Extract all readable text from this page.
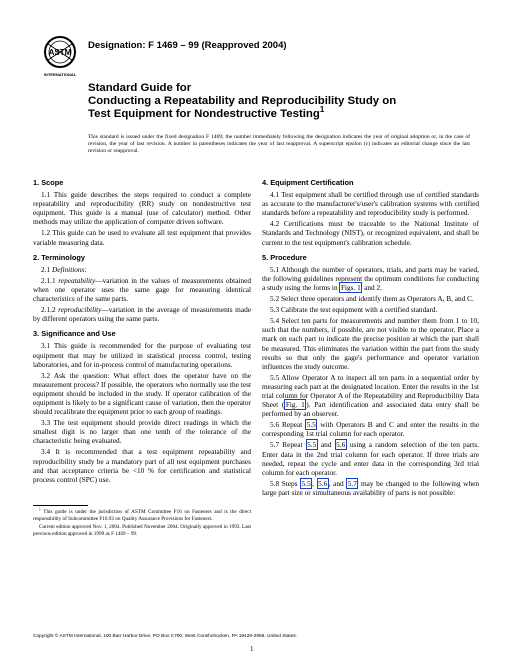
ASTM
INTERNATIONAL
Designation: F 1469 – 99 (Reapproved 2004)
Standard Guide for
Conducting a Repeatability and Reproducibility Study on
Test Equipment for Nondestructive Testing$^1$
This standard is issued under the fixed designation F 1469; the number immediately following the designation indicates the year of original adoption or, in the case of revision, the year of last revision. A number in parentheses indicates the year of last reapproval. A superscript epsilon (ε) indicates an editorial change since the last revision or reapproval.
1. Scope

1.1 This guide describes the steps required to conduct a complete repeatability and reproducibility (RR) study on nondestructive test equipment. This guide is a manual (use of calculator) method. Other methods may utilize the application of computer driven software.

1.2 This guide can be used to evaluate all test equipment that provides variable measuring data.

2. Terminology

2.1 Definitions:

2.1.1 repeatability—variation in the values of measurements obtained when one operator uses the same gage for measuring identical characteristics of the same parts.

2.1.2 reproducibility—variation in the average of measurements made by different operators using the same parts.

3. Significance and Use

3.1 This guide is recommended for the purpose of evaluating test equipment that may be utilized in statistical process control, testing laboratories, and for in-process control of manufacturing operations.

3.2 Ask the question: What effect does the operator have on the measurement process? If possible, the operators who normally use the test equipment should be included in the study. If operator calibration of the equipment is likely to be a significant cause of variation, then the operator should recalibrate the equipment prior to each group of readings.

3.3 The test equipment should provide direct readings in which the smallest digit is no larger than one tenth of the tolerance of the characteristic being evaluated.

3.4 It is recommended that a test equipment repeatability and reproducibility study be a mandatory part of all test equipment purchases and that acceptance criteria be <10 % for certification and statistical process control (SPC) use.

$^1$ This guide is under the jurisdiction of ASTM Committee F16 on Fasteners and is the direct responsibility of Subcommittee F16.93 on Quality Assurance Provisions for Fasteners.

Current edition approved Nov. 1, 2004. Published November 2004. Originally approved in 1993. Last previous edition approved in 1999 as F 1469 – 99.

4. Equipment Certification

4.1 Test equipment shall be certified through use of certified standards as accurate to the manufacturer's/user's calibration systems with certified standards before a repeatability and reproducibility study is performed.

4.2 Certifications must be traceable to the National Institute of Standards and Technology (NIST), or recognized equivalent, and shall be current to the test equipment's calibration schedule.

5. Procedure

5.1 Although the number of operators, trials, and parts may be varied, the following guidelines represent the optimum conditions for conducting a study using the forms in Figs. 1 and 2.

5.2 Select three operators and identify them as Operators A, B, and C.

5.3 Calibrate the test equipment with a certified standard.

5.4 Select ten parts for measurements and number them from 1 to 10, such that the numbers, if possible, are not visible to the operator. Place a mark on each part to indicate the precise position at which the part shall be measured. This eliminates the variation within the part from the study results so that only the gage's performance and operator variation influences the study outcome.

5.5 Allow Operator A to inspect all ten parts in a sequential order by measuring each part at the designated location. Enter the results in the 1st trial column for Operator A of the Repeatability and Reproducibility Data Sheet ( Fig. 1 ). Part identification and associated data entry shall be performed by an observer.

5.6 Repeat 5.5 with Operators B and C and enter the results in the corresponding 1st trial column for each operator.

5.7 Repeat 5.5 and 5.6 using a random selection of the ten parts. Enter data in the 2nd trial column for each operator. If three trials are needed, repeat the cycle and enter data in the corresponding 3rd trial column for each operator.

5.8 Steps 5.5 , 5.6 , and 5.7 may be changed to the following when large part size or simultaneous availability of parts is not possible:

Copyright © ASTM International, 100 Barr Harbor Drive, PO Box C700, West Conshohocken, PA 19428-2959, United States.
1
